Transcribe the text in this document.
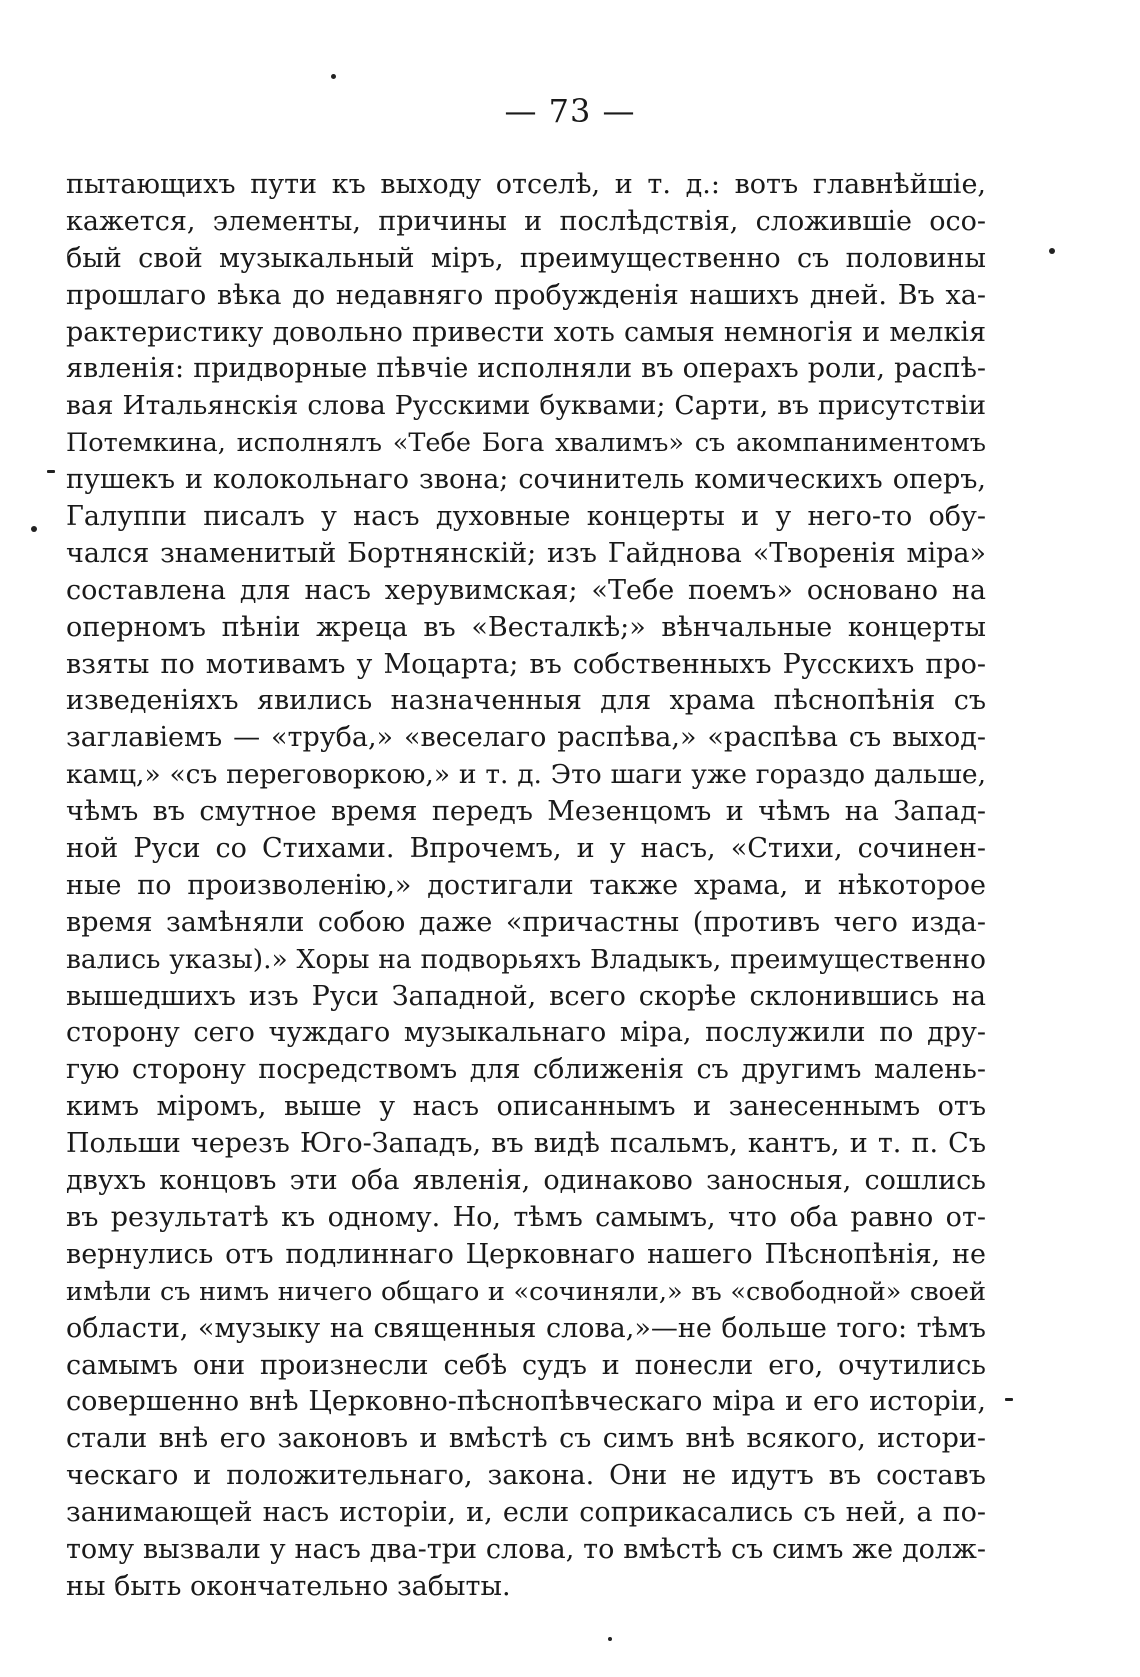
— 73 —
пытающихъ пути къ выходу отселѣ, и т. д.: вотъ главнѣйшіе,
кажется, элементы, причины и послѣдствія, сложившіе осо-
бый свой музыкальный міръ, преимущественно съ половины
прошлаго вѣка до недавняго пробужденія нашихъ дней. Въ ха-
рактеристику довольно привести хоть самыя немногія и мелкія
явленія: придворные пѣвчіе исполняли въ операхъ роли, распѣ-
вая Итальянскія слова Русскими буквами; Сарти, въ присутствіи
Потемкина, исполнялъ «Тебе Бога хвалимъ» съ акомпаниментомъ
пушекъ и колокольнаго звона; сочинитель комическихъ оперъ,
Галуппи писалъ у насъ духовные концерты и у него-то обу-
чался знаменитый Бортнянскій; изъ Гайднова «Творенія міра»
составлена для насъ херувимская; «Тебе поемъ» основано на
оперномъ пѣніи жреца въ «Весталкѣ;» вѣнчальные концерты
взяты по мотивамъ у Моцарта; въ собственныхъ Русскихъ про-
изведеніяхъ явились назначенныя для храма пѣснопѣнія съ
заглавіемъ — «труба,» «веселаго распѣва,» «распѣва съ выход-
камц,» «съ переговоркою,» и т. д. Это шаги уже гораздо дальше,
чѣмъ въ смутное время передъ Мезенцомъ и чѣмъ на Запад-
ной Руси со Стихами. Впрочемъ, и у насъ, «Стихи, сочинен-
ные по произволенію,» достигали также храма, и нѣкоторое
время замѣняли собою даже «причастны (противъ чего изда-
вались указы).» Хоры на подворьяхъ Владыкъ, преимущественно
вышедшихъ изъ Руси Западной, всего скорѣе склонившись на
сторону сего чуждаго музыкальнаго міра, послужили по дру-
гую сторону посредствомъ для сближенія съ другимъ малень-
кимъ міромъ, выше у насъ описаннымъ и занесеннымъ отъ
Польши черезъ Юго-Западъ, въ видѣ псальмъ, кантъ, и т. п. Съ
двухъ концовъ эти оба явленія, одинаково заносныя, сошлись
въ результатѣ къ одному. Но, тѣмъ самымъ, что оба равно от-
вернулись отъ подлиннаго Церковнаго нашего Пѣснопѣнія, не
имѣли съ нимъ ничего общаго и «сочиняли,» въ «свободной» своей
области, «музыку на священныя слова,»—не больше того: тѣмъ
самымъ они произнесли себѣ судъ и понесли его, очутились
совершенно внѣ Церковно-пѣснопѣвческаго міра и его исторіи,
стали внѣ его законовъ и вмѣстѣ съ симъ внѣ всякого, истори-
ческаго и положительнаго, закона. Они не идутъ въ составъ
занимающей насъ исторіи, и, если соприкасались съ ней, а по-
тому вызвали у насъ два-три слова, то вмѣстѣ съ симъ же долж-
ны быть окончательно забыты.
